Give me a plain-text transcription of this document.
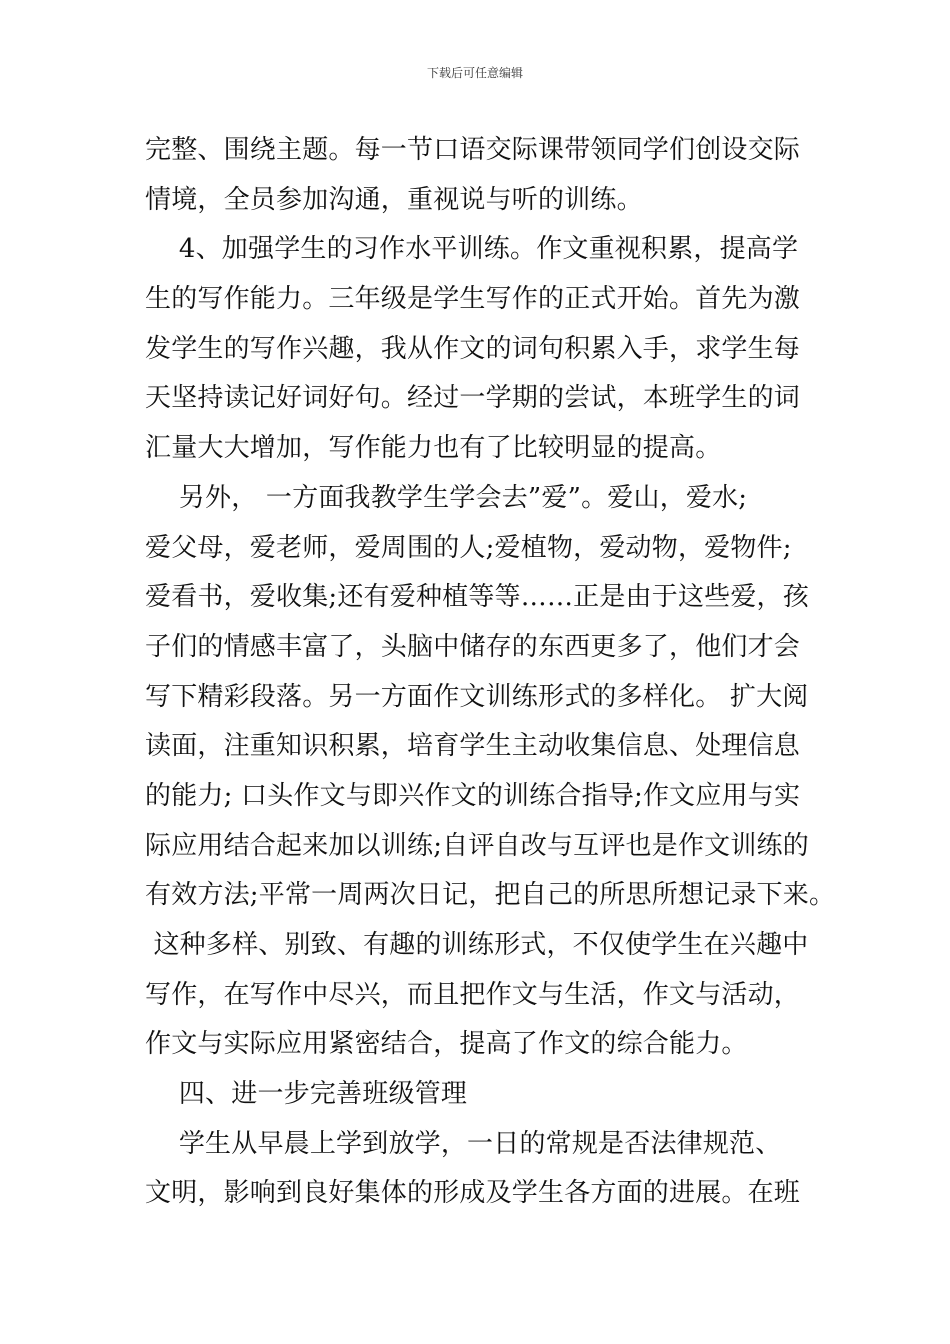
下载后可任意编辑
完整、围绕主题。每一节口语交际课带领同学们创设交际
情境，全员参加沟通，重视说与听的训练。
4、加强学生的习作水平训练。作文重视积累，提高学
生的写作能力。三年级是学生写作的正式开始。首先为激
发学生的写作兴趣，我从作文的词句积累入手，求学生每
天坚持读记好词好句。经过一学期的尝试，本班学生的词
汇量大大增加，写作能力也有了比较明显的提高。
另外， 一方面我教学生学会去”爱”。爱山，爱水;
爱父母，爱老师，爱周围的人;爱植物，爱动物，爱物件;
爱看书，爱收集;还有爱种植等等……正是由于这些爱，孩
子们的情感丰富了，头脑中储存的东西更多了，他们才会
写下精彩段落。另一方面作文训练形式的多样化。 扩大阅
读面，注重知识积累，培育学生主动收集信息、处理信息
的能力; 口头作文与即兴作文的训练合指导;作文应用与实
际应用结合起来加以训练;自评自改与互评也是作文训练的
有效方法;平常一周两次日记，把自己的所思所想记录下来。
这种多样、别致、有趣的训练形式，不仅使学生在兴趣中
写作，在写作中尽兴，而且把作文与生活，作文与活动，
作文与实际应用紧密结合，提高了作文的综合能力。
四、进一步完善班级管理
学生从早晨上学到放学，一日的常规是否法律规范、
文明，影响到良好集体的形成及学生各方面的进展。在班
